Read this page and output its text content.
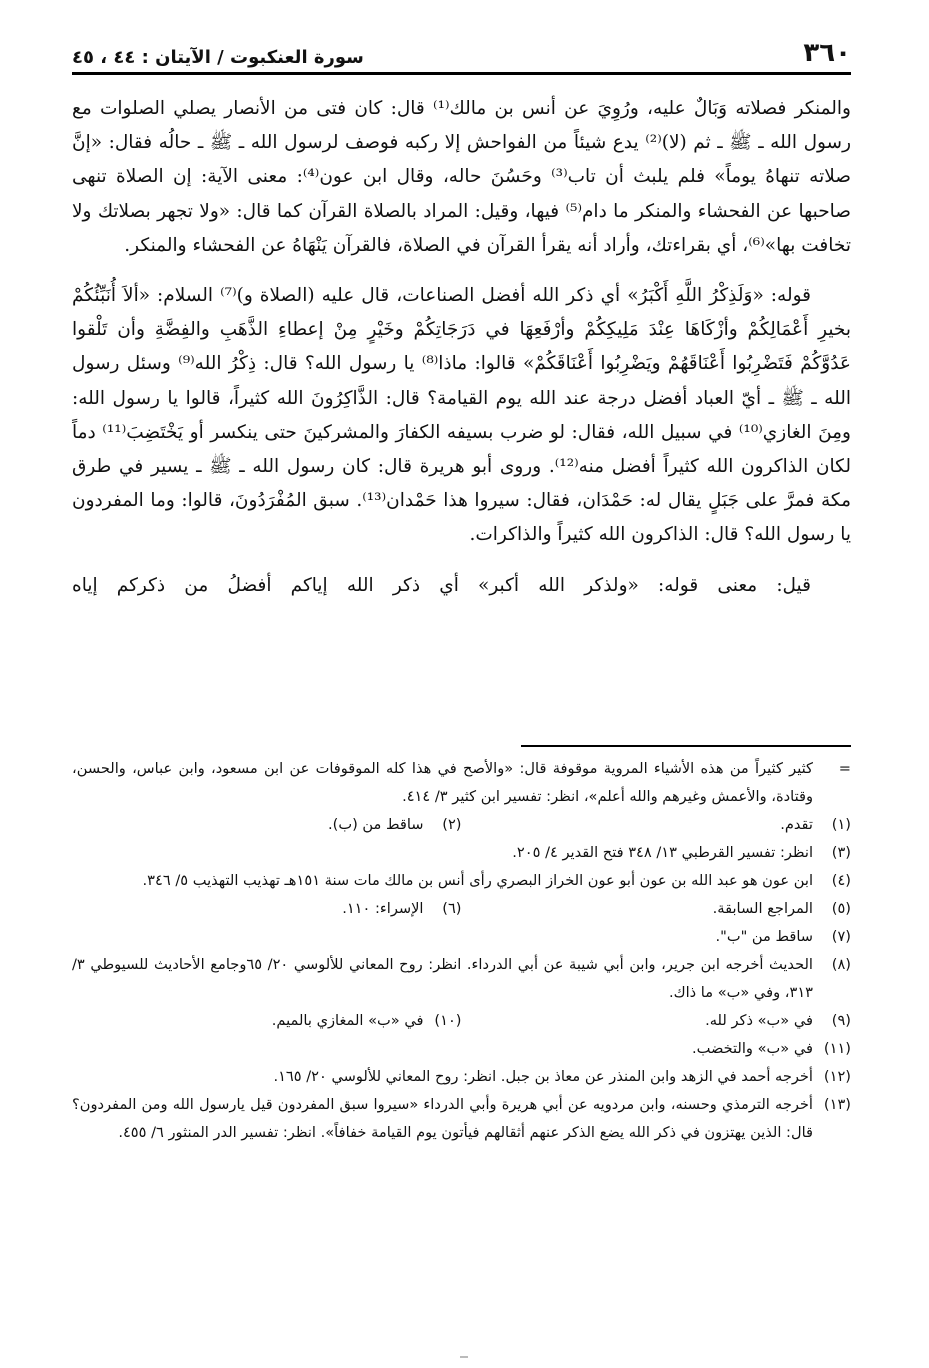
٣٦٠
سورة العنكبوت / الآيتان : ٤٤ ، ٤٥

والمنكر فصلاته وَبَالٌ عليه، ورُوِيَ عن أنس بن مالك⁽¹⁾ قال: كان فتى من الأنصار يصلي الصلوات مع رسول الله ـ ﷺ ـ ثم (لا)⁽²⁾ يدع شيئاً من الفواحش إلا ركبه فوصف لرسول الله ـ ﷺ ـ حالُه فقال: «إنَّ صلاته تنهاهُ يوماً» فلم يلبث أن تاب⁽³⁾ وحَسُنَ حاله، وقال ابن عون⁽⁴⁾: معنى الآية: إن الصلاة تنهى صاحبها عن الفحشاء والمنكر ما دام⁽⁵⁾ فيها، وقيل: المراد بالصلاة القرآن كما قال: «ولا تجهر بصلاتك ولا تخافت بها»⁽⁶⁾، أي بقراءتك، وأراد أنه يقرأ القرآن في الصلاة، فالقرآن يَنْهَاهُ عن الفحشاء والمنكر.

قوله: «وَلَذِكْرُ اللَّهِ أَكْبَرُ» أي ذكر الله أفضل الصناعات، قال عليه (الصلاة و)⁽⁷⁾ السلام: «ألاَ أُنَبِّئُكُمْ بخيرِ أَعْمَالِكُمْ وأزْكَاهَا عِنْدَ مَلِيكِكُمْ وأرْفَعِهَا في دَرَجَاتِكُمْ وخَيْرٍ مِنْ إعطاءِ الذَّهَبِ والفِضَّةِ وأن تَلْقوا عَدُوَّكُمْ فَتَضْرِبُوا أَعْنَاقَهُمْ ويَضْرِبُوا أَعْنَاقَكُمْ» قالوا: ماذا⁽⁸⁾ يا رسول الله؟ قال: ذِكْرُ الله⁽⁹⁾ وسئل رسول الله ـ ﷺ ـ أيّ العباد أفضل درجة عند الله يوم القيامة؟ قال: الذَّاكِرُونَ الله كثيراً، قالوا يا رسول الله: ومِنَ الغازي⁽¹⁰⁾ في سبيل الله، فقال: لو ضرب بسيفه الكفارَ والمشركينَ حتى ينكسر أو يَخْتَضِبَ⁽¹¹⁾ دماً لكان الذاكرون الله كثيراً أفضل منه⁽¹²⁾. وروى أبو هريرة قال: كان رسول الله ـ ﷺ ـ يسير في طرق مكة فمرَّ على جَبَلٍ يقال له: حَمْدَان، فقال: سيروا هذا حَمْدان⁽¹³⁾. سبق المُفْرَدُونَ، قالوا: وما المفردون يا رسول الله؟ قال: الذاكرون الله كثيراً والذاكرات.

قيل: معنى قوله: «ولذكر الله أكبر» أي ذكر الله إياكم أفضلُ من ذكركم إياه

=
كثير كثيراً من هذه الأشياء المروية موقوفة قال: «والأصح في هذا كله الموقوفات عن ابن مسعود، وابن عباس، والحسن، وقتادة، والأعمش وغيرهم والله أعلم»، انظر: تفسير ابن كثير ٣/ ٤١٤.
(١)
تقدم.
(٢)
ساقط من (ب).
(٣)
انظر: تفسير القرطبي ١٣/ ٣٤٨ فتح القدير ٤/ ٢٠٥.
(٤)
ابن عون هو عبد الله بن عون أبو عون الخراز البصري رأى أنس بن مالك مات سنة ١٥١هـ تهذيب التهذيب ٥/ ٣٤٦.
(٥)
المراجع السابقة.
(٦)
الإسراء: ١١٠.
(٧)
ساقط من "ب".
(٨)
الحديث أخرجه ابن جرير، وابن أبي شيبة عن أبي الدرداء. انظر: روح المعاني للألوسي ٢٠/ ٦٥وجامع الأحاديث للسيوطي ٣/ ٣١٣، وفي «ب» ما ذاك.
(٩)
في «ب» ذكر لله.
(١٠)
في «ب» المغازي بالميم.
(١١)
في «ب» والتخضب.
(١٢)
أخرجه أحمد في الزهد وابن المنذر عن معاذ بن جبل. انظر: روح المعاني للألوسي ٢٠/ ١٦٥.
(١٣)
أخرجه الترمذي وحسنه، وابن مردويه عن أبي هريرة وأبي الدرداء «سيروا سبق المفردون قيل يارسول الله ومن المفردون؟ قال: الذين يهتزون في ذكر الله يضع الذكر عنهم أثقالهم فيأتون يوم القيامة خفافاً». انظر: تفسير الدر المنثور ٦/ ٤٥٥.
